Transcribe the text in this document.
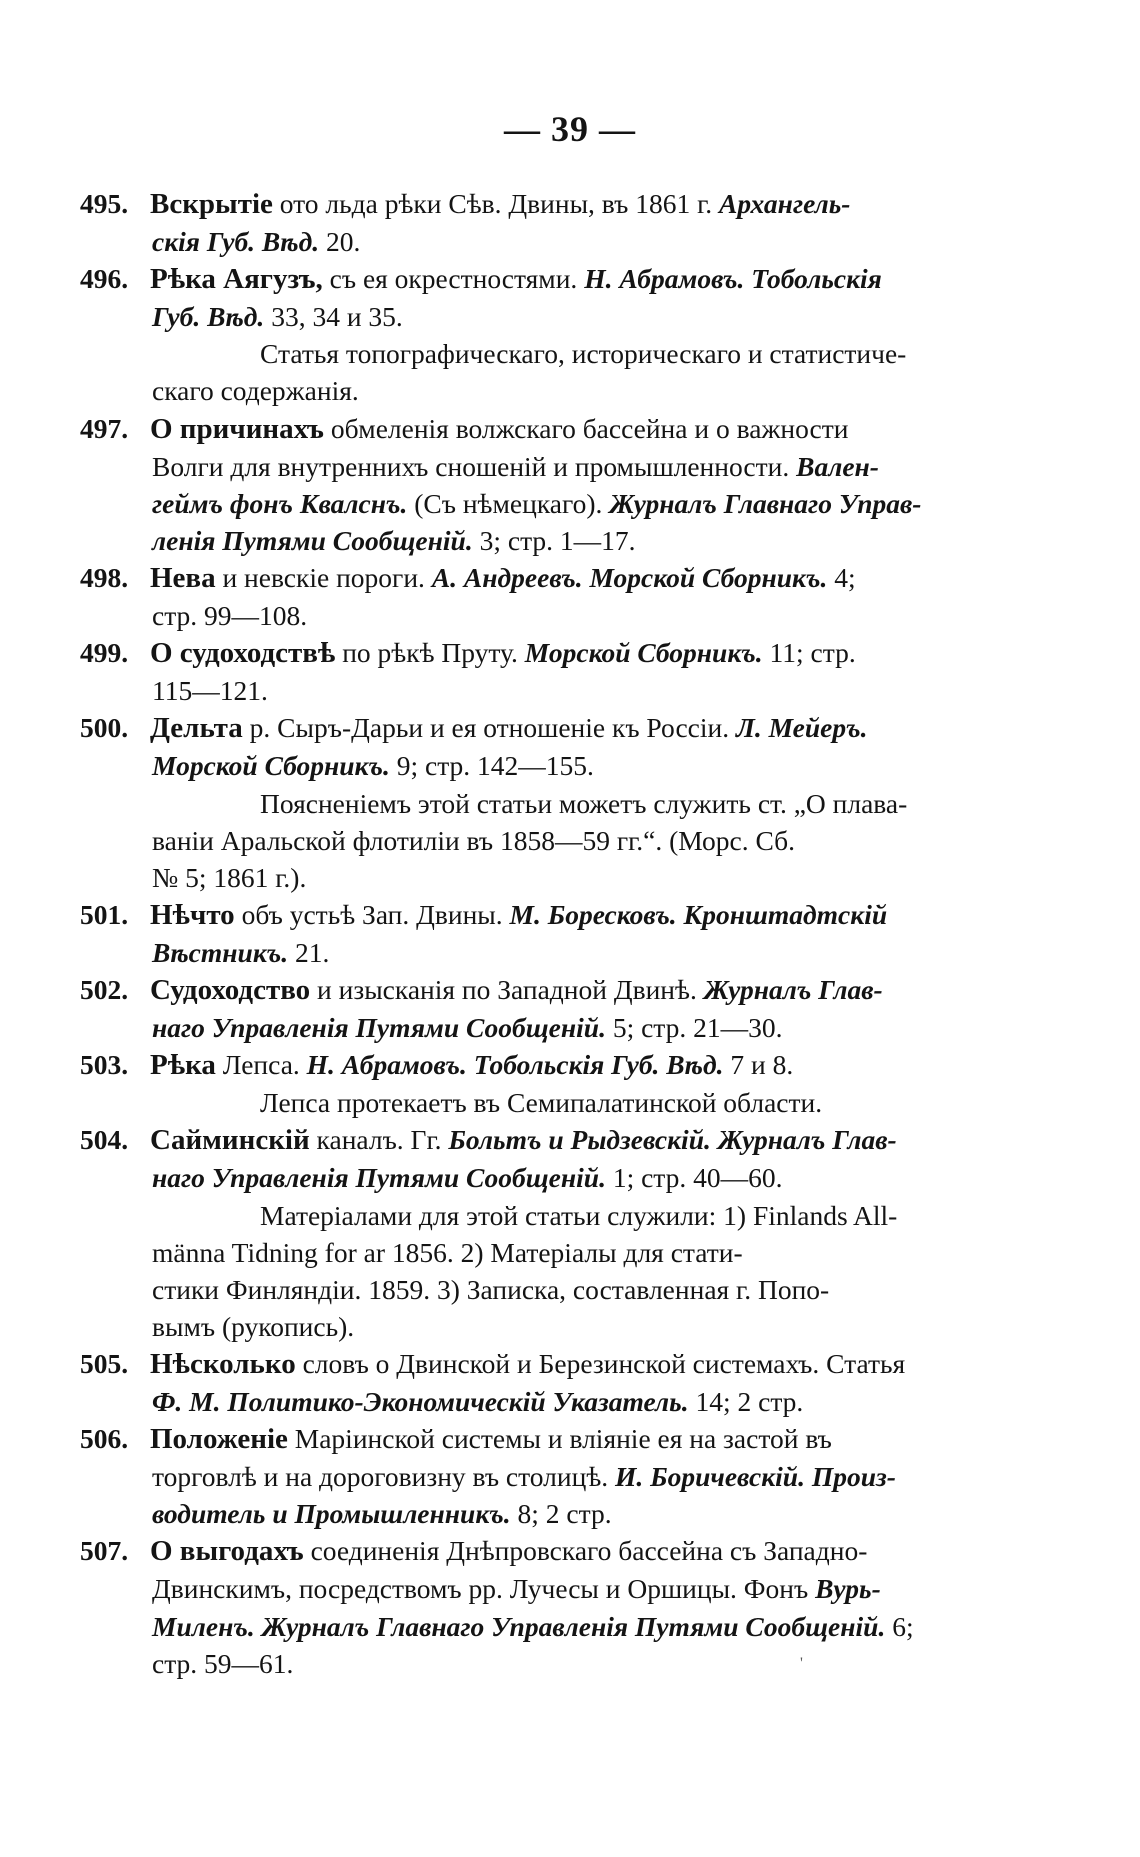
— 39 —
495. Вскрытіе ото льда рѣки Сѣв. Двины, въ 1861 г. Архангель-
скія Губ. Вѣд. 20.
496. Рѣка Аягузъ, съ ея окрестностями. Н. Абрамовъ. Тобольскія
Губ. Вѣд. 33, 34 и 35.
Статья топографическаго, историческаго и статистиче-
скаго содержанія.
497. О причинахъ обмеленія волжскаго бассейна и о важности
Волги для внутреннихъ сношеній и промышленности. Вален-
геймъ фонъ Квалснъ. (Съ нѣмецкаго). Журналъ Главнаго Управ-
ленія Путями Сообщеній. 3; стр. 1—17.
498. Нева и невскіе пороги. А. Андреевъ. Морской Сборникъ. 4;
стр. 99—108.
499. О судоходствѣ по рѣкѣ Пруту. Морской Сборникъ. 11; стр.
115—121.
500. Дельта р. Сыръ-Дарьи и ея отношеніе къ Россіи. Л. Мейеръ.
Морской Сборникъ. 9; стр. 142—155.
Поясненіемъ этой статьи можетъ служить ст. „О плава-
ваніи Аральской флотиліи въ 1858—59 гг.“. (Морс. Сб.
№ 5; 1861 г.).
501. Нѣчто объ устьѣ Зап. Двины. М. Боресковъ. Кронштадтскій
Вѣстникъ. 21.
502. Судоходство и изысканія по Западной Двинѣ. Журналъ Глав-
наго Управленія Путями Сообщеній. 5; стр. 21—30.
503. Рѣка Лепса. Н. Абрамовъ. Тобольскія Губ. Вѣд. 7 и 8.
Лепса протекаетъ въ Семипалатинской области.
504. Сайминскій каналъ. Гг. Больтъ и Рыдзевскій. Журналъ Глав-
наго Управленія Путями Сообщеній. 1; стр. 40—60.
Матеріалами для этой статьи служили: 1) Finlands All-
männa Tidning for ar 1856. 2) Матеріалы для стати-
стики Финляндіи. 1859. 3) Записка, составленная г. Попо-
вымъ (рукопись).
505. Нѣсколько словъ о Двинской и Березинской системахъ. Статья
Ф. М. Политико-Экономическій Указатель. 14; 2 стр.
506. Положеніе Маріинской системы и вліяніе ея на застой въ
торговлѣ и на дороговизну въ столицѣ. И. Боричевскій. Произ-
водитель и Промышленникъ. 8; 2 стр.
507. О выгодахъ соединенія Днѣпровскаго бассейна съ Западно-
Двинскимъ, посредствомъ рр. Лучесы и Оршицы. Фонъ Вурь-
Миленъ. Журналъ Главнаго Управленія Путями Сообщеній. 6;
стр. 59—61.	'
